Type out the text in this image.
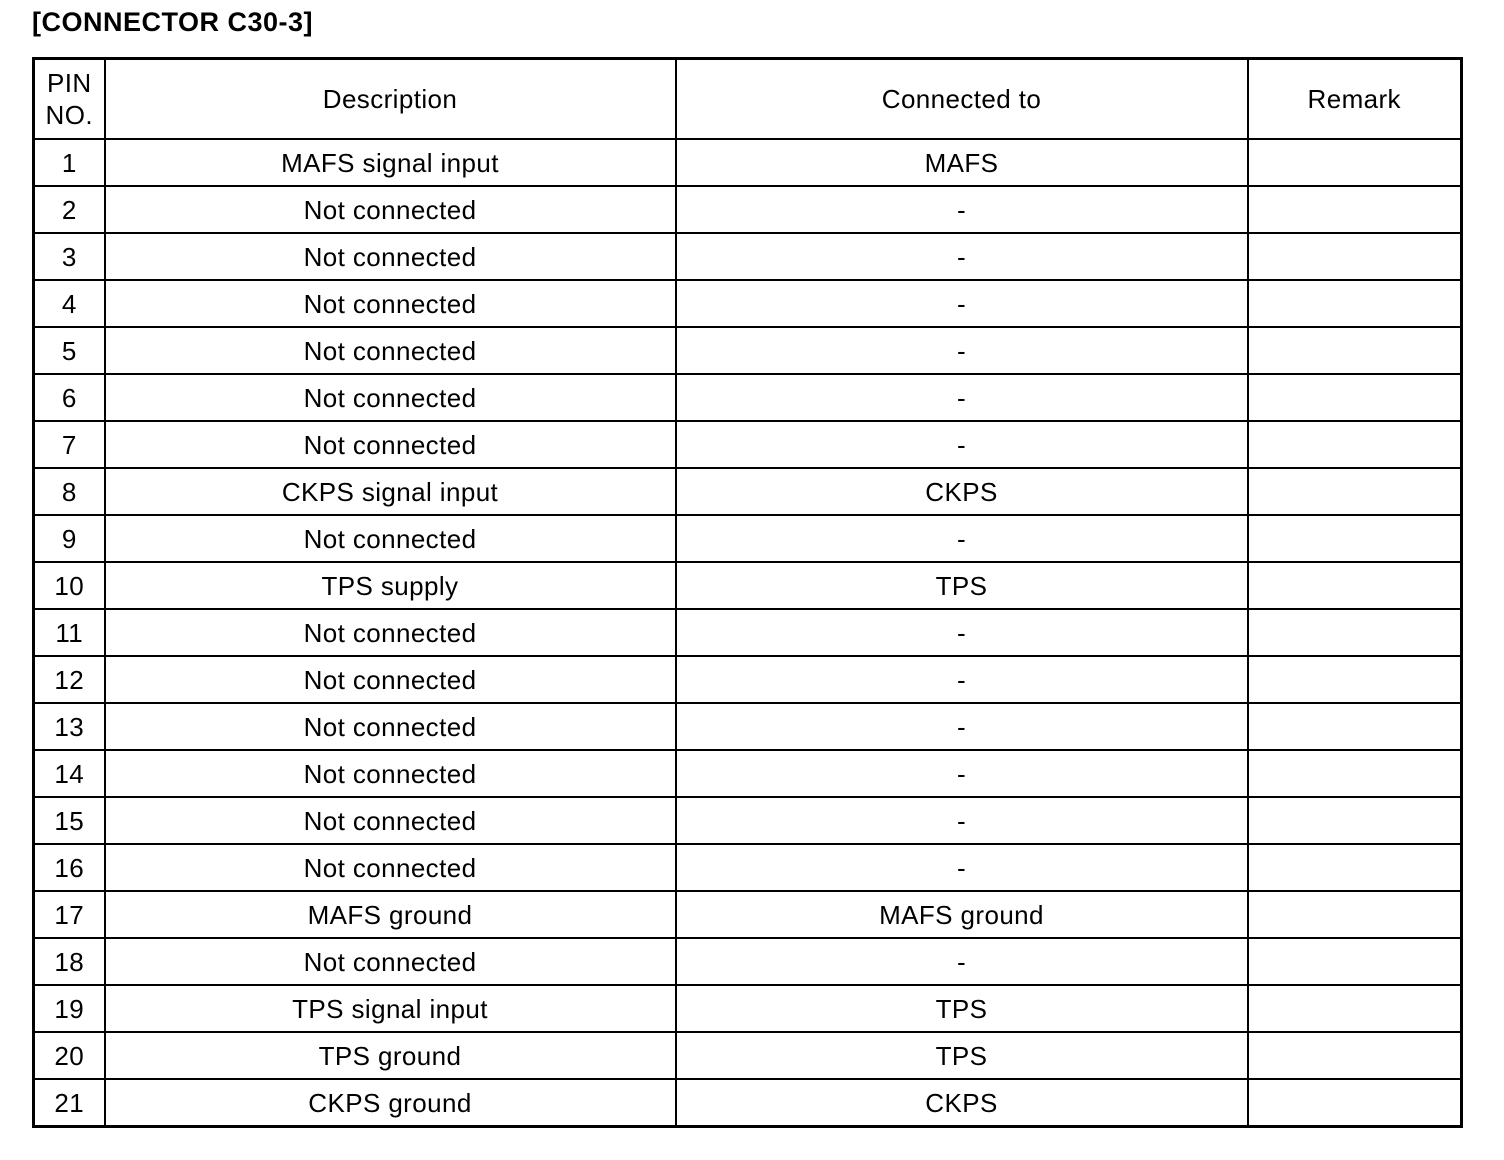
[CONNECTOR C30-3]
PIN
NO.	Description	Connected to	Remark
1	MAFS signal input	MAFS	
2	Not connected	-	
3	Not connected	-	
4	Not connected	-	
5	Not connected	-	
6	Not connected	-	
7	Not connected	-	
8	CKPS signal input	CKPS	
9	Not connected	-	
10	TPS supply	TPS	
11	Not connected	-	
12	Not connected	-	
13	Not connected	-	
14	Not connected	-	
15	Not connected	-	
16	Not connected	-	
17	MAFS ground	MAFS ground	
18	Not connected	-	
19	TPS signal input	TPS	
20	TPS ground	TPS	
21	CKPS ground	CKPS	
